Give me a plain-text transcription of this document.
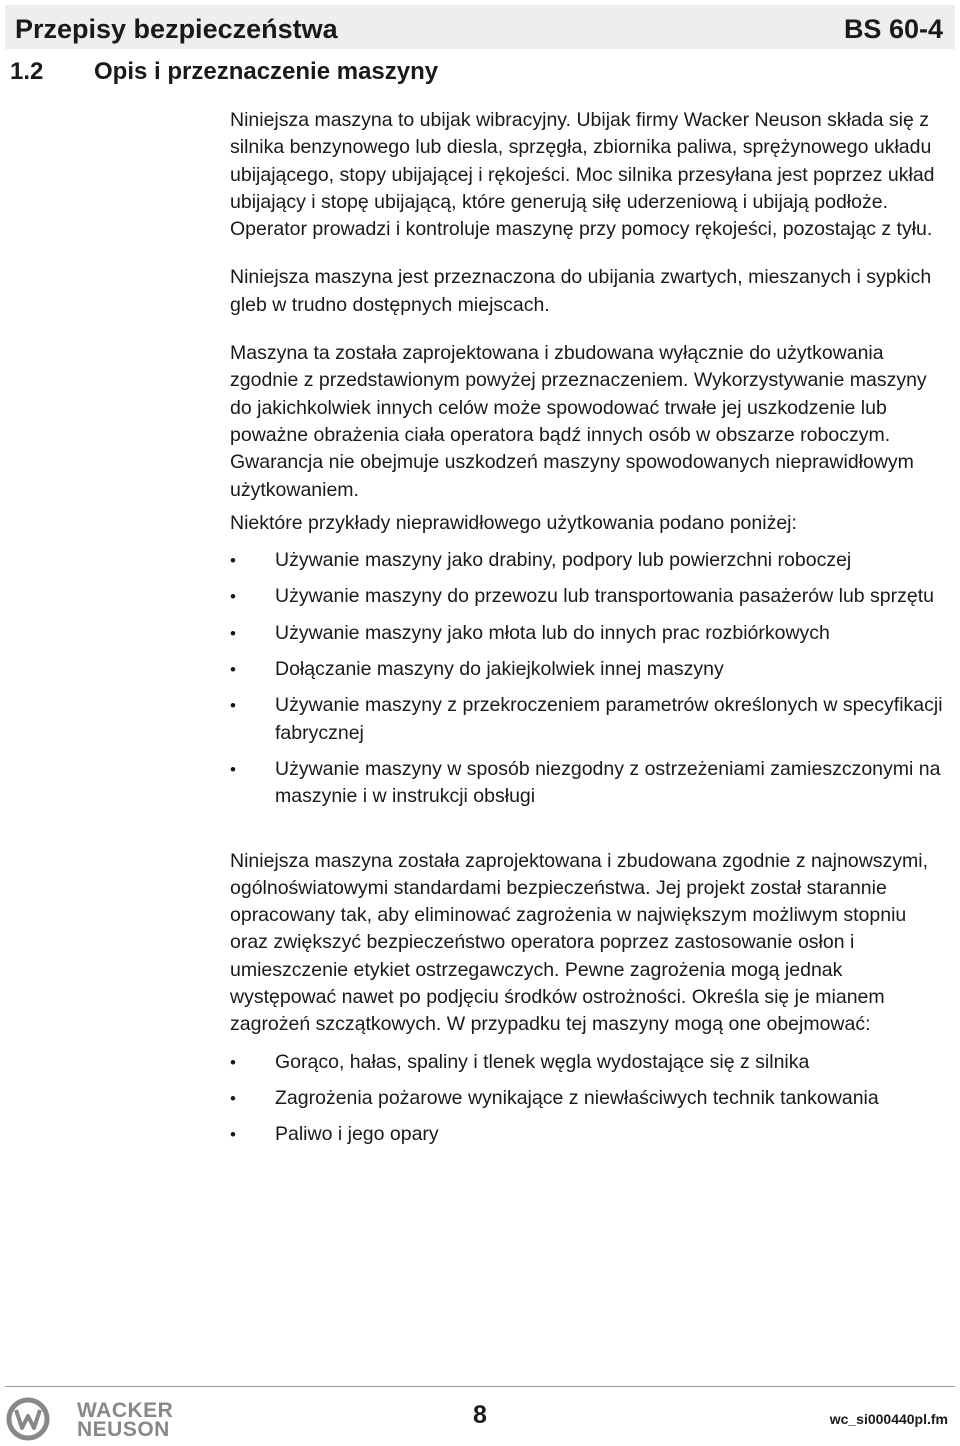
Przepisy bezpieczeństwa	BS 60-4
1.2 Opis i przeznaczenie maszyny

Niniejsza maszyna to ubijak wibracyjny. Ubijak firmy Wacker Neuson składa się z silnika benzynowego lub diesla, sprzęgła, zbiornika paliwa, sprężynowego układu ubijającego, stopy ubijającej i rękojeści. Moc silnika przesyłana jest poprzez układ ubijający i stopę ubijającą, które generują siłę uderzeniową i ubijają podłoże. Operator prowadzi i kontroluje maszynę przy pomocy rękojeści, pozostając z tyłu.

Niniejsza maszyna jest przeznaczona do ubijania zwartych, mieszanych i sypkich gleb w trudno dostępnych miejscach.

Maszyna ta została zaprojektowana i zbudowana wyłącznie do użytkowania zgodnie z przedstawionym powyżej przeznaczeniem. Wykorzystywanie maszyny do jakichkolwiek innych celów może spowodować trwałe jej uszkodzenie lub poważne obrażenia ciała operatora bądź innych osób w obszarze roboczym. Gwarancja nie obejmuje uszkodzeń maszyny spowodowanych nieprawidłowym użytkowaniem.

Niektóre przykłady nieprawidłowego użytkowania podano poniżej:

• Używanie maszyny jako drabiny, podpory lub powierzchni roboczej
• Używanie maszyny do przewozu lub transportowania pasażerów lub sprzętu
• Używanie maszyny jako młota lub do innych prac rozbiórkowych
• Dołączanie maszyny do jakiejkolwiek innej maszyny
• Używanie maszyny z przekroczeniem parametrów określonych w specyfikacji fabrycznej
• Używanie maszyny w sposób niezgodny z ostrzeżeniami zamieszczonymi na maszynie i w instrukcji obsługi

Niniejsza maszyna została zaprojektowana i zbudowana zgodnie z najnowszymi, ogólnoświatowymi standardami bezpieczeństwa. Jej projekt został starannie opracowany tak, aby eliminować zagrożenia w największym możliwym stopniu oraz zwiększyć bezpieczeństwo operatora poprzez zastosowanie osłon i umieszczenie etykiet ostrzegawczych. Pewne zagrożenia mogą jednak występować nawet po podjęciu środków ostrożności. Określa się je mianem zagrożeń szczątkowych. W przypadku tej maszyny mogą one obejmować:

• Gorąco, hałas, spaliny i tlenek węgla wydostające się z silnika
• Zagrożenia pożarowe wynikające z niewłaściwych technik tankowania
• Paliwo i jego opary
WACKER
NEUSON
8	wc_si000440pl.fm
